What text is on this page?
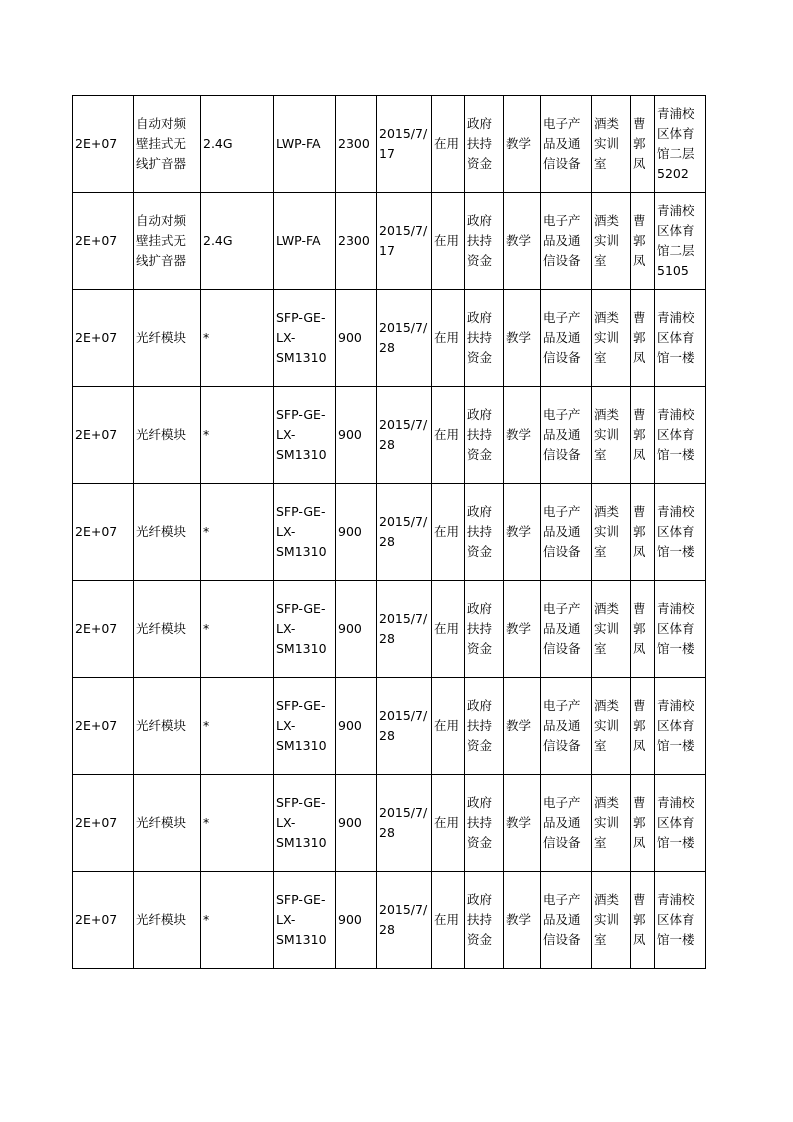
2E+07	自动对频
壁挂式无
线扩音器	2.4G	LWP-FA	2300	2015/7/
17	在用	政府
扶持
资金	教学	电子产
品及通
信设备	酒类
实训
室	曹
郭
凤	青浦校
区体育
馆二层
5202

2E+07	自动对频
壁挂式无
线扩音器	2.4G	LWP-FA	2300	2015/7/
17	在用	政府
扶持
资金	教学	电子产
品及通
信设备	酒类
实训
室	曹
郭
凤	青浦校
区体育
馆二层
5105

2E+07	光纤模块	*	SFP-GE-
LX-
SM1310	900	2015/7/
28	在用	政府
扶持
资金	教学	电子产
品及通
信设备	酒类
实训
室	曹
郭
凤	青浦校
区体育
馆一楼

2E+07	光纤模块	*	SFP-GE-
LX-
SM1310	900	2015/7/
28	在用	政府
扶持
资金	教学	电子产
品及通
信设备	酒类
实训
室	曹
郭
凤	青浦校
区体育
馆一楼

2E+07	光纤模块	*	SFP-GE-
LX-
SM1310	900	2015/7/
28	在用	政府
扶持
资金	教学	电子产
品及通
信设备	酒类
实训
室	曹
郭
凤	青浦校
区体育
馆一楼

2E+07	光纤模块	*	SFP-GE-
LX-
SM1310	900	2015/7/
28	在用	政府
扶持
资金	教学	电子产
品及通
信设备	酒类
实训
室	曹
郭
凤	青浦校
区体育
馆一楼

2E+07	光纤模块	*	SFP-GE-
LX-
SM1310	900	2015/7/
28	在用	政府
扶持
资金	教学	电子产
品及通
信设备	酒类
实训
室	曹
郭
凤	青浦校
区体育
馆一楼

2E+07	光纤模块	*	SFP-GE-
LX-
SM1310	900	2015/7/
28	在用	政府
扶持
资金	教学	电子产
品及通
信设备	酒类
实训
室	曹
郭
凤	青浦校
区体育
馆一楼

2E+07	光纤模块	*	SFP-GE-
LX-
SM1310	900	2015/7/
28	在用	政府
扶持
资金	教学	电子产
品及通
信设备	酒类
实训
室	曹
郭
凤	青浦校
区体育
馆一楼
